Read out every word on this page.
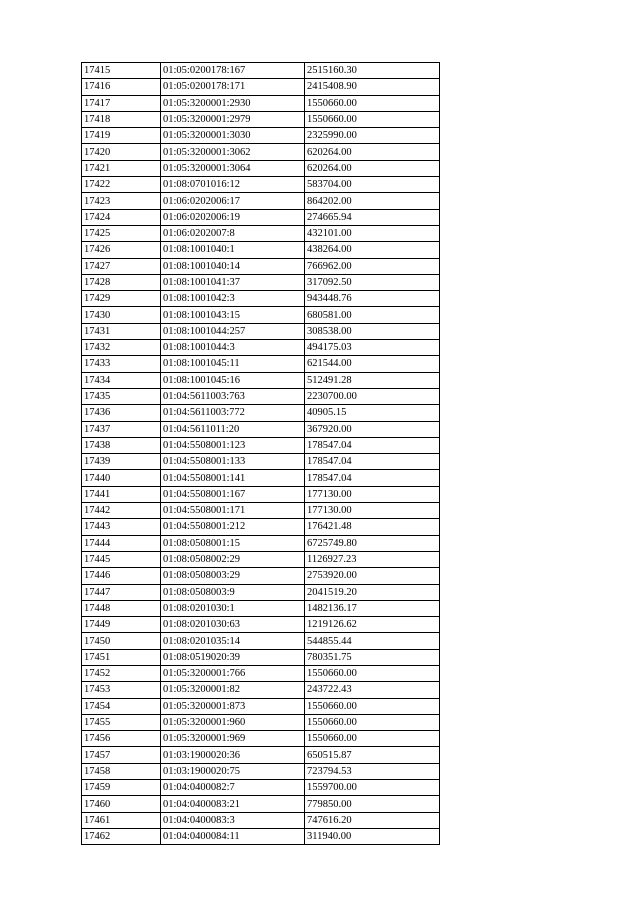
17415	01:05:0200178:167	2515160.30
17416	01:05:0200178:171	2415408.90
17417	01:05:3200001:2930	1550660.00
17418	01:05:3200001:2979	1550660.00
17419	01:05:3200001:3030	2325990.00
17420	01:05:3200001:3062	620264.00
17421	01:05:3200001:3064	620264.00
17422	01:08:0701016:12	583704.00
17423	01:06:0202006:17	864202.00
17424	01:06:0202006:19	274665.94
17425	01:06:0202007:8	432101.00
17426	01:08:1001040:1	438264.00
17427	01:08:1001040:14	766962.00
17428	01:08:1001041:37	317092.50
17429	01:08:1001042:3	943448.76
17430	01:08:1001043:15	680581.00
17431	01:08:1001044:257	308538.00
17432	01:08:1001044:3	494175.03
17433	01:08:1001045:11	621544.00
17434	01:08:1001045:16	512491.28
17435	01:04:5611003:763	2230700.00
17436	01:04:5611003:772	40905.15
17437	01:04:5611011:20	367920.00
17438	01:04:5508001:123	178547.04
17439	01:04:5508001:133	178547.04
17440	01:04:5508001:141	178547.04
17441	01:04:5508001:167	177130.00
17442	01:04:5508001:171	177130.00
17443	01:04:5508001:212	176421.48
17444	01:08:0508001:15	6725749.80
17445	01:08:0508002:29	1126927.23
17446	01:08:0508003:29	2753920.00
17447	01:08:0508003:9	2041519.20
17448	01:08:0201030:1	1482136.17
17449	01:08:0201030:63	1219126.62
17450	01:08:0201035:14	544855.44
17451	01:08:0519020:39	780351.75
17452	01:05:3200001:766	1550660.00
17453	01:05:3200001:82	243722.43
17454	01:05:3200001:873	1550660.00
17455	01:05:3200001:960	1550660.00
17456	01:05:3200001:969	1550660.00
17457	01:03:1900020:36	650515.87
17458	01:03:1900020:75	723794.53
17459	01:04:0400082:7	1559700.00
17460	01:04:0400083:21	779850.00
17461	01:04:0400083:3	747616.20
17462	01:04:0400084:11	311940.00
